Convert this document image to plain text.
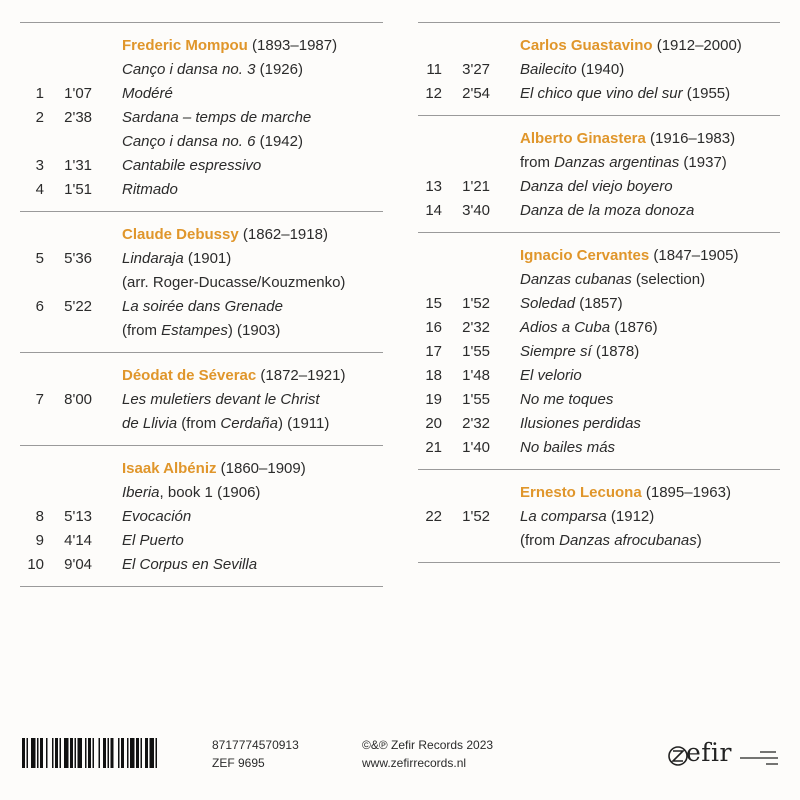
Frederic Mompou (1893–1987)
Canço i dansa no. 3 (1926)
1	1'07 Modéré
2	2'38 Sardana – temps de marche
Canço i dansa no. 6 (1942)
3	1'31 Cantabile espressivo
4	1'51 Ritmado
Claude Debussy (1862–1918)
5	5'36 Lindaraja (1901)
(arr. Roger-Ducasse/Kouzmenko)
6	5'22 La soirée dans Grenade
(from Estampes) (1903)
Déodat de Séverac (1872–1921)
7	8'00 Les muletiers devant le Christ
de Llivia (from Cerdaña) (1911)
Isaak Albéniz (1860–1909)
Iberia, book 1 (1906)
8	5'13 Evocación
9	4'14 El Puerto
10	9'04 El Corpus en Sevilla
Carlos Guastavino (1912–2000)
11	3'27 Bailecito (1940)
12	2'54 El chico que vino del sur (1955)
Alberto Ginastera (1916–1983)
from Danzas argentinas (1937)
13	1'21 Danza del viejo boyero
14	3'40 Danza de la moza donoza
Ignacio Cervantes (1847–1905)
Danzas cubanas (selection)
15	1'52 Soledad (1857)
16	2'32 Adios a Cuba (1876)
17	1'55 Siempre sí (1878)
18	1'48 El velorio
19	1'55 No me toques
20	2'32 Ilusiones perdidas
21	1'40 No bailes más
Ernesto Lecuona (1895–1963)
22	1'52 La comparsa (1912)
(from Danzas afrocubanas)
8717774570913
ZEF 9695
©&℗ Zefir Records 2023
www.zefirrecords.nl	efir
